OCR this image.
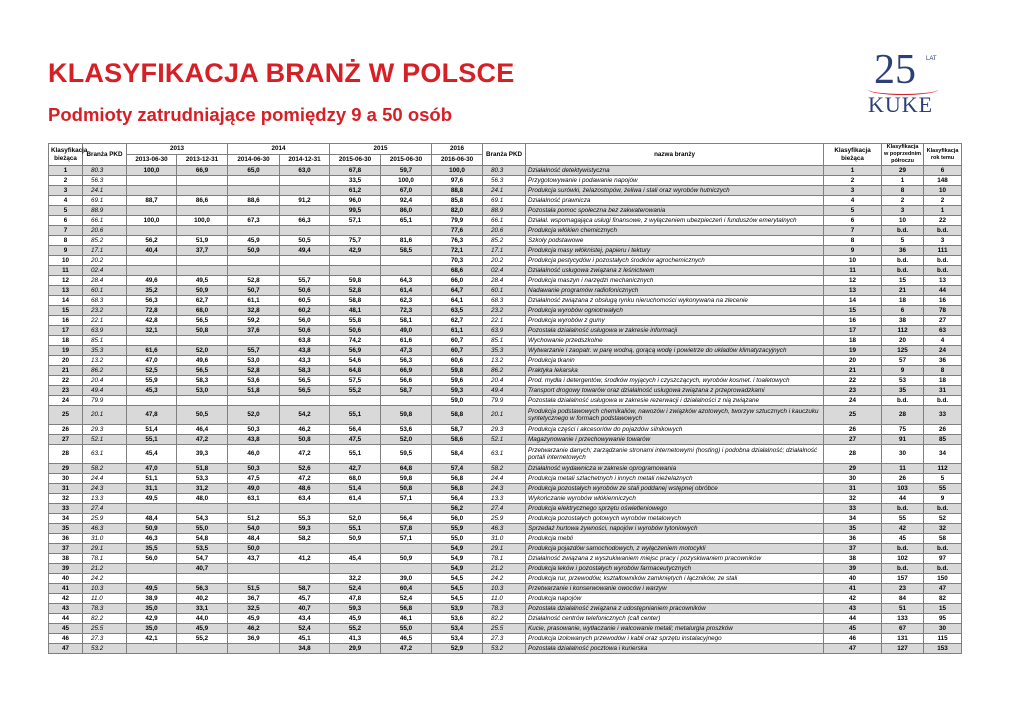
KLASYFIKACJA BRANŻ W POLSCE
Podmioty zatrudniające pomiędzy 9 a 50 osób
25 LAT
KUKE
Klasyfikacja bieżąca	Branża PKD	2013		2014		2015		2016	Branża PKD	nazwa branży	Klasyfikacja bieżąca	Klasyfikacja w poprzednim półroczu	Klasyfikacja rok temu
		2013-06-30	2013-12-31	2014-06-30	2014-12-31	2015-06-30	2015-06-30	2016-06-30					
1	80.3	100,0	66,9	65,0	63,0	67,8	59,7	100,0	80.3	Działalność detektywistyczna	1	29	6
2	56.3					33,5	100,0	97,6	56.3	Przygotowywanie i podawanie napojów	2	1	148
3	24.1					61,2	67,0	88,8	24.1	Produkcja surówki, żelazostopów, żeliwa i stali oraz wyrobów hutniczych	3	8	10
4	69.1	88,7	86,6	88,6	91,2	96,0	92,4	85,8	69.1	Działalność prawnicza	4	2	2
5	88.9					99,5	86,0	82,0	88.9	Pozostała pomoc społeczna bez zakwaterowania	5	3	1
6	66.1	100,0	100,0	67,3	66,3	57,1	65,1	79,9	66.1	Działal. wspomagająca usługi finansowe, z wyłączeniem ubezpieczeń i funduszów emerytalnych	6	10	22
7	20.6							77,6	20.6	Produkcja włókien chemicznych	7	b.d.	b.d.
8	85.2	56,2	51,9	45,9	50,5	75,7	81,6	76,3	85.2	Szkoły podstawowe	8	5	3
9	17.1	40,4	37,7	50,9	49,4	42,9	58,5	72,1	17.1	Produkcja masy włóknistej, papieru i tektury	9	36	111
10	20.2							70,3	20.2	Produkcja pestycydów i pozostałych środków agrochemicznych	10	b.d.	b.d.
11	02.4							68,6	02.4	Działalność usługowa związana z leśnictwem	11	b.d.	b.d.
12	28.4	49,6	49,5	52,8	55,7	59,8	64,3	66,0	28.4	Produkcja maszyn i narzędzi mechanicznych	12	15	13
13	60.1	35,2	50,9	50,7	50,6	52,8	61,4	64,7	60.1	Nadawanie programów radiofonicznych	13	21	44
14	68.3	56,3	62,7	61,1	60,5	58,8	62,3	64,1	68.3	Działalność związana z obsługą rynku nieruchomości wykonywana na zlecenie	14	18	16
15	23.2	72,8	68,0	32,8	60,2	48,1	72,3	63,5	23.2	Produkcja wyrobów ogniotrwałych	15	6	78
16	22.1	42,8	56,5	59,2	56,0	55,8	58,1	62,7	22.1	Produkcja wyrobów z gumy	16	38	27
17	63.9	32,1	50,8	37,6	50,6	50,6	49,0	61,1	63.9	Pozostała działalność usługowa w zakresie informacji	17	112	63
18	85.1				63,8	74,2	61,6	60,7	85.1	Wychowanie przedszkolne	18	20	4
19	35.3	61,6	52,0	55,7	43,8	56,9	47,3	60,7	35.3	Wytwarzanie i zaopatr. w parę wodną, gorącą wodę i powietrze do układów klimatyzacyjnych	19	125	24
20	13.2	47,0	49,6	53,0	43,3	54,6	56,3	60,6	13.2	Produkcja tkanin	20	57	36
21	86.2	52,5	56,5	52,8	58,3	64,8	66,9	59,8	86.2	Praktyka lekarska	21	9	8
22	20.4	55,9	58,3	53,6	56,5	57,5	56,6	59,6	20.4	Prod. mydła i detergentów, środków myjących i czyszczących, wyrobów kosmet. i toaletowych	22	53	18
23	49.4	45,3	53,0	51,8	56,5	55,2	58,7	59,3	49.4	Transport drogowy towarów oraz działalność usługowa związana z przeprowadzkami	23	35	31
24	79.9							59,0	79.9	Pozostała działalność usługowa w zakresie rezerwacji i działalności z nią związane	24	b.d.	b.d.
25	20.1	47,8	50,5	52,0	54,2	55,1	59,8	58,8	20.1	Produkcja podstawowych chemikaliów, nawozów i związków azotowych, tworzyw sztucznych i kauczuku syntetycznego w formach podstawowych	25	28	33
26	29.3	51,4	46,4	50,3	46,2	56,4	53,6	58,7	29.3	Produkcja części i akcesoriów do pojazdów silnikowych	26	75	26
27	52.1	55,1	47,2	43,8	50,8	47,5	52,0	58,6	52.1	Magazynowanie i przechowywanie towarów	27	91	85
28	63.1	45,4	39,3	46,0	47,2	55,1	59,5	58,4	63.1	Przetwarzanie danych; zarządzanie stronami internetowymi (hosting) i podobna działalność; działalność portali internetowych	28	30	34
29	58.2	47,0	51,8	50,3	52,6	42,7	64,8	57,4	58.2	Działalność wydawnicza w zakresie oprogramowania	29	11	112
30	24.4	51,1	53,3	47,5	47,2	68,0	59,8	56,8	24.4	Produkcja metali szlachetnych i innych metali nieżelaznych	30	26	5
31	24.3	31,1	31,2	49,0	48,6	51,4	50,8	56,8	24.3	Produkcja pozostałych wyrobów ze stali poddanej wstępnej obróbce	31	103	55
32	13.3	49,5	48,0	63,1	63,4	61,4	57,1	56,4	13.3	Wykończanie wyrobów włókienniczych	32	44	9
33	27.4							56,2	27.4	Produkcja elektrycznego sprzętu oświetleniowego	33	b.d.	b.d.
34	25.9	48,4	54,3	51,2	55,3	52,0	56,4	56,0	25.9	Produkcja pozostałych gotowych wyrobów metalowych	34	55	52
35	46.3	50,9	55,0	54,0	59,3	55,1	57,8	55,9	46.3	Sprzedaż hurtowa żywności, napojów i wyrobów tytoniowych	35	42	32
36	31.0	46,3	54,8	48,4	58,2	50,9	57,1	55,0	31.0	Produkcja mebli	36	45	58
37	29.1	35,5	53,5	50,0				54,9	29.1	Produkcja pojazdów samochodowych, z wyłączeniem motocykli	37	b.d.	b.d.
38	78.1	56,0	54,7	43,7	41,2	45,4	50,9	54,9	78.1	Działalność związana z wyszukiwaniem miejsc pracy i pozyskiwaniem pracowników	38	102	97
39	21.2		40,7					54,9	21.2	Produkcja leków i pozostałych wyrobów farmaceutycznych	39	b.d.	b.d.
40	24.2					32,2	39,0	54,5	24.2	Produkcja rur, przewodów, kształtowników zamkniętych i łączników, ze stali	40	157	150
41	10.3	49,5	56,3	51,5	58,7	52,4	60,4	54,5	10.3	Przetwarzanie i konserwowanie owoców i warzyw	41	23	47
42	11.0	38,9	40,2	36,7	45,7	47,8	52,4	54,5	11.0	Produkcja napojów	42	84	82
43	78.3	35,0	33,1	32,5	40,7	59,3	56,8	53,9	78.3	Pozostała działalność związana z udostępnianiem pracowników	43	51	15
44	82.2	42,9	44,0	45,9	43,4	45,9	46,1	53,6	82.2	Działalność centrów telefonicznych (call center)	44	133	95
45	25.5	35,0	45,9	46,2	52,4	55,2	55,0	53,4	25.5	Kucie, prasowanie, wytłaczanie i walcowanie metali; metalurgia proszków	45	67	30
46	27.3	42,1	55,2	36,9	45,1	41,3	46,5	53,4	27.3	Produkcja izolowanych przewodów i kabli oraz sprzętu instalacyjnego	46	131	115
47	53.2				34,8	29,9	47,2	52,9	53.2	Pozostała działalność pocztowa i kurierska	47	127	153
